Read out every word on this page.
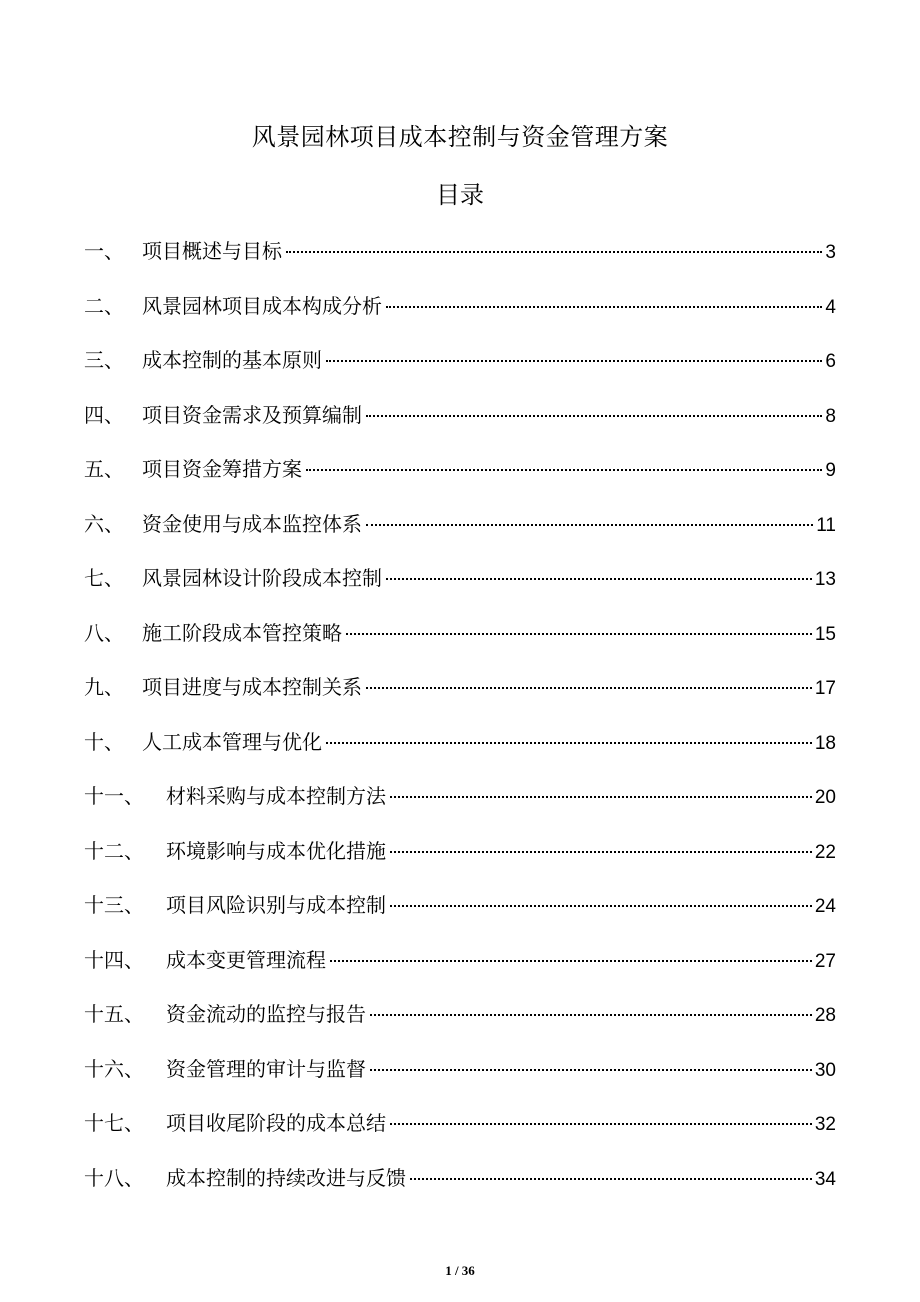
风景园林项目成本控制与资金管理方案
目录
一、 项目概述与目标	3
二、 风景园林项目成本构成分析	4
三、 成本控制的基本原则	6
四、 项目资金需求及预算编制	8
五、 项目资金筹措方案	9
六、 资金使用与成本监控体系	11
七、 风景园林设计阶段成本控制	13
八、 施工阶段成本管控策略	15
九、 项目进度与成本控制关系	17
十、 人工成本管理与优化	18
十一、	材料采购与成本控制方法	20
十二、	环境影响与成本优化措施	22
十三、	项目风险识别与成本控制	24
十四、	成本变更管理流程	27
十五、	资金流动的监控与报告	28
十六、	资金管理的审计与监督	30
十七、	项目收尾阶段的成本总结	32
十八、	成本控制的持续改进与反馈	34
1 / 36
